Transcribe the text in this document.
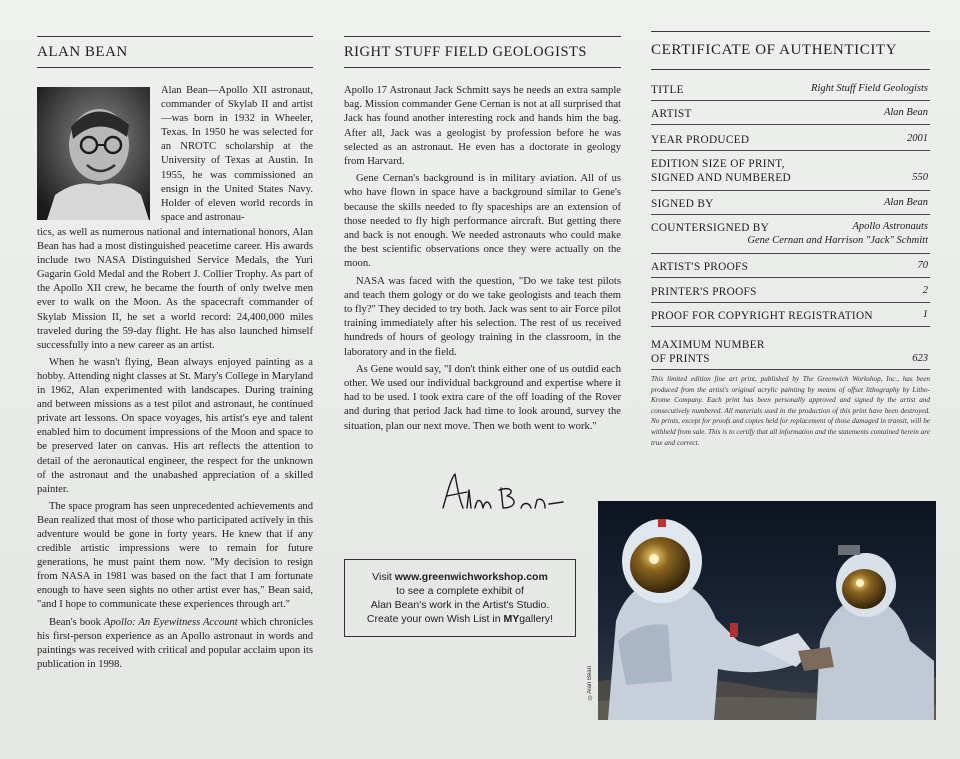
ALAN BEAN
Alan Bean—Apollo XII astronaut, commander of Skylab II and artist—was born in 1932 in Wheeler, Texas. In 1950 he was selected for an NROTC scholarship at the University of Texas at Austin. In 1955, he was commissioned an ensign in the United States Navy. Holder of eleven world records in space and astronau-

tics, as well as numerous national and international honors, Alan Bean has had a most distinguished peacetime career. His awards include two NASA Distinguished Service Medals, the Yuri Gagarin Gold Medal and the Robert J. Collier Trophy. As part of the Apollo XII crew, he became the fourth of only twelve men ever to walk on the Moon. As the spacecraft commander of Skylab Mission II, he set a world record: 24,400,000 miles traveled during the 59-day flight. He has also launched himself successfully into a new career as an artist.

When he wasn't flying, Bean always enjoyed painting as a hobby. Attending night classes at St. Mary's College in Maryland in 1962, Alan experimented with landscapes. During training and between missions as a test pilot and astronaut, he continued private art lessons. On space voyages, his artist's eye and talent enabled him to document impressions of the Moon and space to be preserved later on canvas. His art reflects the attention to detail of the aeronautical engineer, the respect for the unknown of the astronaut and the unabashed appreciation of a skilled painter.

The space program has seen unprecedented achievements and Bean realized that most of those who participated actively in this adventure would be gone in forty years. He knew that if any credible artistic impressions were to remain for future generations, he must paint them now. "My decision to resign from NASA in 1981 was based on the fact that I am fortunate enough to have seen sights no other artist ever has," Bean said, "and I hope to communicate these experiences through art."

Bean's book Apollo: An Eyewitness Account which chronicles his first-person experience as an Apollo astronaut in words and paintings was received with critical and popular acclaim upon its publication in 1998.

RIGHT STUFF FIELD GEOLOGISTS

Apollo 17 Astronaut Jack Schmitt says he needs an extra sample bag. Mission commander Gene Cernan is not at all surprised that Jack has found another interesting rock and hands him the bag. After all, Jack was a geologist by profession before he was selected as an astronaut. He even has a doctorate in geology from Harvard.

Gene Cernan's background is in military aviation. All of us who have flown in space have a background similar to Gene's because the skills needed to fly spaceships are an extension of those needed to fly high performance aircraft. But getting there and back is not enough. We needed astronauts who could make the best scientific observations once they were actually on the moon.

NASA was faced with the question, "Do we take test pilots and teach them gology or do we take geologists and teach them to fly?" They decided to try both. Jack was sent to air Force pilot training immediately after his selection. The rest of us received hundreds of hours of geology training in the classroom, in the laboratory and in the field.

As Gene would say, "I don't think either one of us outdid each other. We used our individual background and expertise where it had to be used. I took extra care of the off loading of the Rover and during that period Jack had time to look around, survey the situation, plan our next move. Then we both went to work."

Visit www.greenwichworkshop.com
to see a complete exhibit of
Alan Bean's work in the Artist's Studio.
Create your own Wish List in MYgallery!
CERTIFICATE OF AUTHENTICITY
TITLE	Right Stuff Field Geologists
ARTIST	Alan Bean
YEAR PRODUCED	2001
EDITION SIZE OF PRINT,
SIGNED AND NUMBERED	550
SIGNED BY	Alan Bean
COUNTERSIGNED BY	Apollo Astronauts
Gene Cernan and Harrison "Jack" Schmitt
ARTIST'S PROOFS	70
PRINTER'S PROOFS	2
PROOF FOR COPYRIGHT REGISTRATION	1
MAXIMUM NUMBER
OF PRINTS	623
This limited edition fine art print, published by The Greenwich Workshop, Inc., has been produced from the artist's original acrylic painting by means of offset lithography by Litho-Krome Company. Each print has been personally approved and signed by the artist and consecutively numbered. All materials used in the production of this print have been destroyed. No prints, except for proofs and copies held for replacement of those damaged in transit, will be withheld from sale. This is to certify that all information and the statements contained herein are true and correct.
©Alan Bean
